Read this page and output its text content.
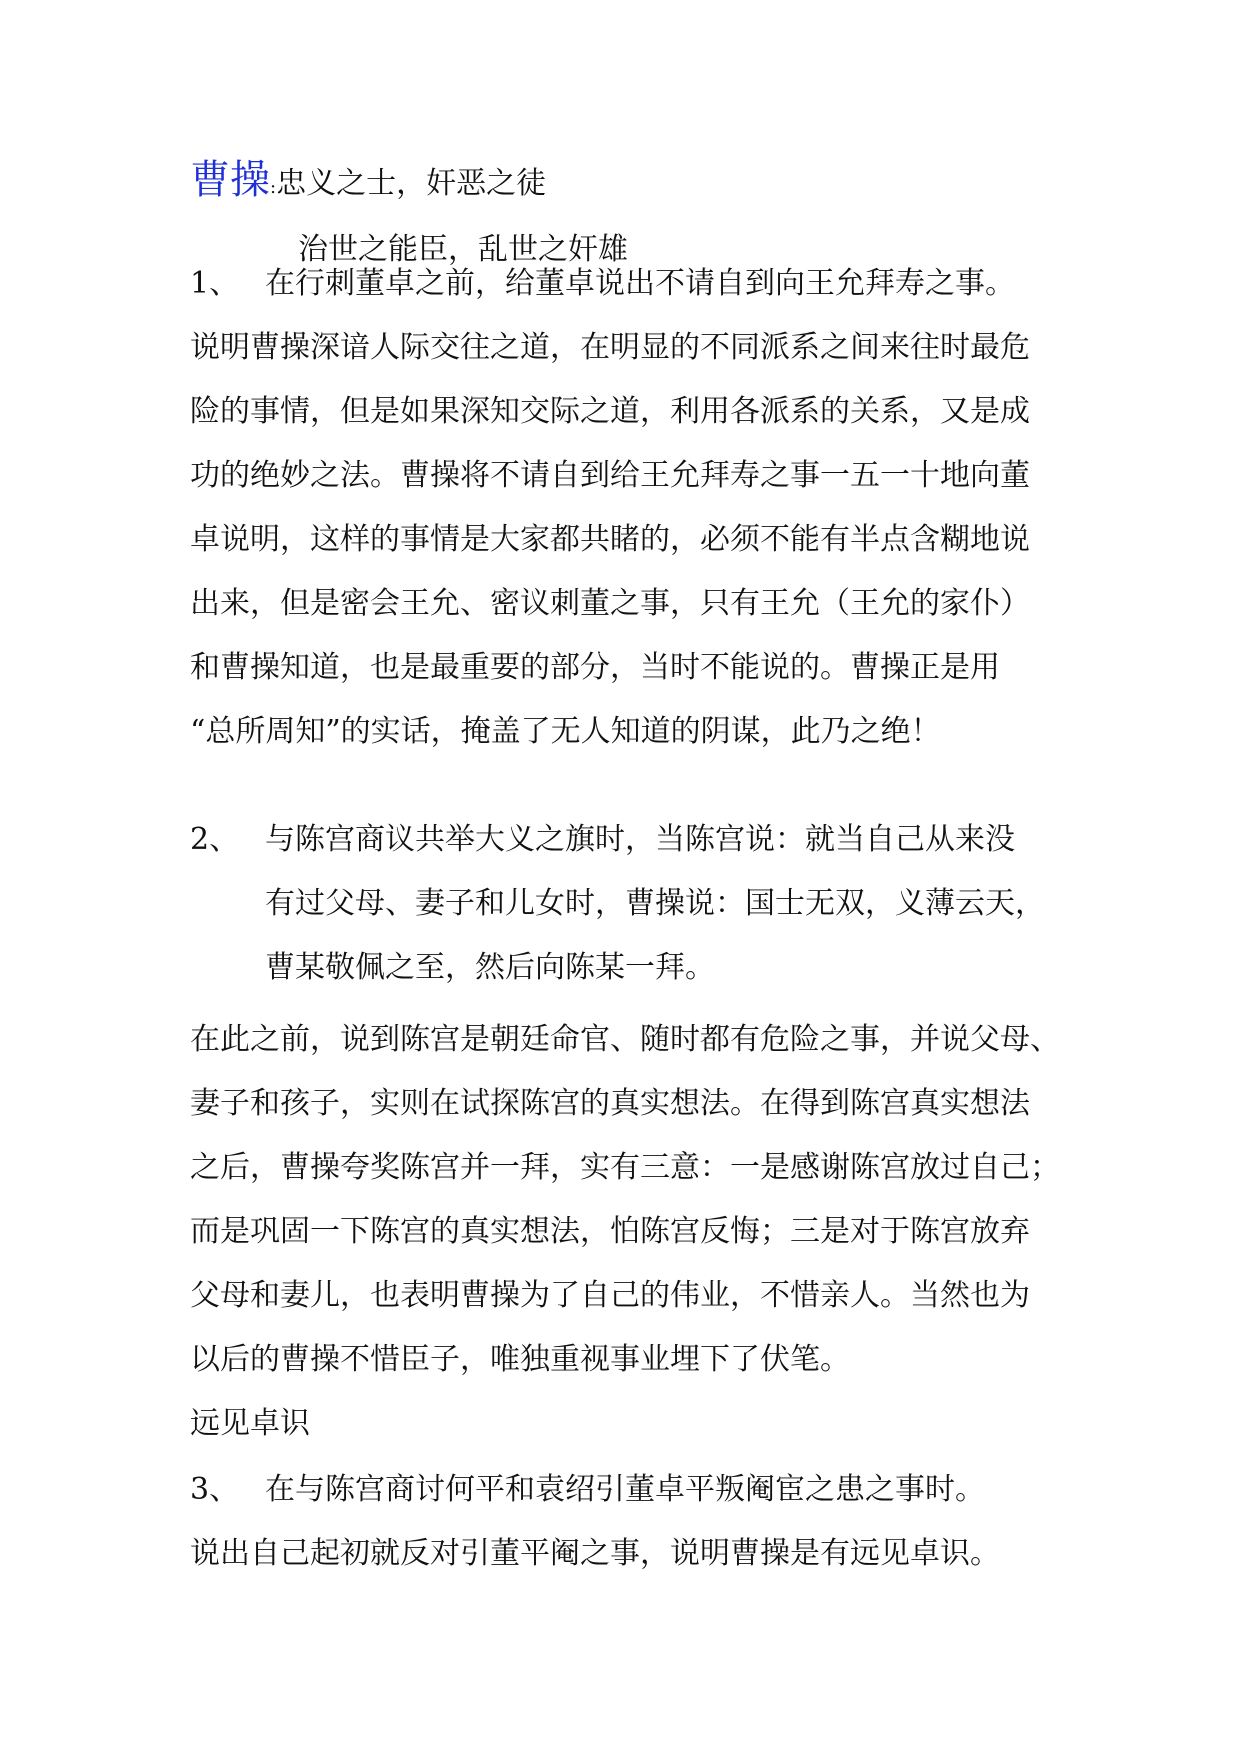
曹操:忠义之士，奸恶之徒
治世之能臣，乱世之奸雄
1、 在行刺董卓之前，给董卓说出不请自到向王允拜寿之事。
说明曹操深谙人际交往之道，在明显的不同派系之间来往时最危
险的事情，但是如果深知交际之道，利用各派系的关系，又是成
功的绝妙之法。曹操将不请自到给王允拜寿之事一五一十地向董
卓说明，这样的事情是大家都共睹的，必须不能有半点含糊地说
出来，但是密会王允、密议刺董之事，只有王允（王允的家仆）
和曹操知道，也是最重要的部分，当时不能说的。曹操正是用
“总所周知”的实话，掩盖了无人知道的阴谋，此乃之绝！
2、 与陈宫商议共举大义之旗时，当陈宫说：就当自己从来没
有过父母、妻子和儿女时，曹操说：国士无双，义薄云天，
曹某敬佩之至，然后向陈某一拜。
在此之前，说到陈宫是朝廷命官、随时都有危险之事，并说父母、
妻子和孩子，实则在试探陈宫的真实想法。在得到陈宫真实想法
之后，曹操夸奖陈宫并一拜，实有三意：一是感谢陈宫放过自己；
而是巩固一下陈宫的真实想法，怕陈宫反悔；三是对于陈宫放弃
父母和妻儿，也表明曹操为了自己的伟业，不惜亲人。当然也为
以后的曹操不惜臣子，唯独重视事业埋下了伏笔。
远见卓识
3、 在与陈宫商讨何平和袁绍引董卓平叛阉宦之患之事时。
说出自己起初就反对引董平阉之事，说明曹操是有远见卓识。
